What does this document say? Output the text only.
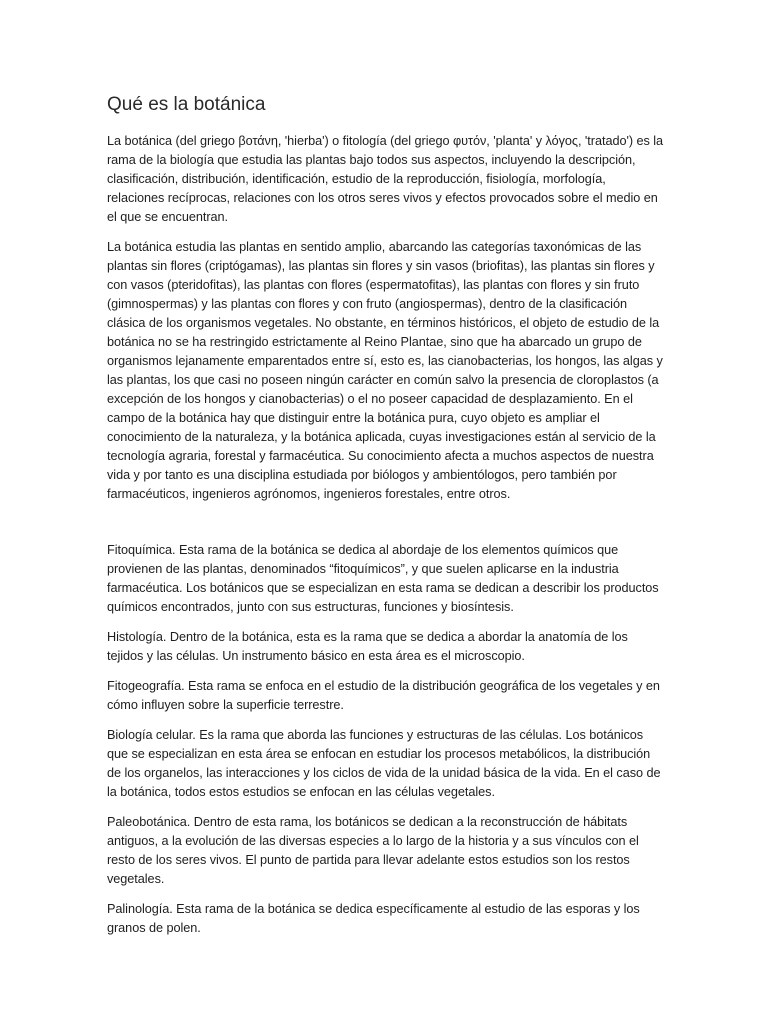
Qué es la botánica

La botánica (del griego βοτάνη, 'hierba') o fitología (del griego φυτόν, 'planta' y λόγος, 'tratado') es la rama de la biología que estudia las plantas bajo todos sus aspectos, incluyendo la descripción, clasificación, distribución, identificación, estudio de la reproducción, fisiología, morfología, relaciones recíprocas, relaciones con los otros seres vivos y efectos provocados sobre el medio en el que se encuentran.

La botánica estudia las plantas en sentido amplio, abarcando las categorías taxonómicas de las plantas sin flores (criptógamas), las plantas sin flores y sin vasos (briofitas), las plantas sin flores y con vasos (pteridofitas), las plantas con flores (espermatofitas), las plantas con flores y sin fruto (gimnospermas) y las plantas con flores y con fruto (angiospermas), dentro de la clasificación clásica de los organismos vegetales. No obstante, en términos históricos, el objeto de estudio de la botánica no se ha restringido estrictamente al Reino Plantae, sino que ha abarcado un grupo de organismos lejanamente emparentados entre sí, esto es, las cianobacterias, los hongos, las algas y las plantas, los que casi no poseen ningún carácter en común salvo la presencia de cloroplastos (a excepción de los hongos y cianobacterias) o el no poseer capacidad de desplazamiento. En el campo de la botánica hay que distinguir entre la botánica pura, cuyo objeto es ampliar el conocimiento de la naturaleza, y la botánica aplicada, cuyas investigaciones están al servicio de la tecnología agraria, forestal y farmacéutica. Su conocimiento afecta a muchos aspectos de nuestra vida y por tanto es una disciplina estudiada por biólogos y ambientólogos, pero también por farmacéuticos, ingenieros agrónomos, ingenieros forestales, entre otros.

Fitoquímica. Esta rama de la botánica se dedica al abordaje de los elementos químicos que provienen de las plantas, denominados “fitoquímicos”, y que suelen aplicarse en la industria farmacéutica. Los botánicos que se especializan en esta rama se dedican a describir los productos químicos encontrados, junto con sus estructuras, funciones y biosíntesis.

Histología. Dentro de la botánica, esta es la rama que se dedica a abordar la anatomía de los tejidos y las células. Un instrumento básico en esta área es el microscopio.

Fitogeografía. Esta rama se enfoca en el estudio de la distribución geográfica de los vegetales y en cómo influyen sobre la superficie terrestre.

Biología celular. Es la rama que aborda las funciones y estructuras de las células. Los botánicos que se especializan en esta área se enfocan en estudiar los procesos metabólicos, la distribución de los organelos, las interacciones y los ciclos de vida de la unidad básica de la vida. En el caso de la botánica, todos estos estudios se enfocan en las células vegetales.

Paleobotánica. Dentro de esta rama, los botánicos se dedican a la reconstrucción de hábitats antiguos, a la evolución de las diversas especies a lo largo de la historia y a sus vínculos con el resto de los seres vivos. El punto de partida para llevar adelante estos estudios son los restos vegetales.

Palinología. Esta rama de la botánica se dedica específicamente al estudio de las esporas y los granos de polen.
